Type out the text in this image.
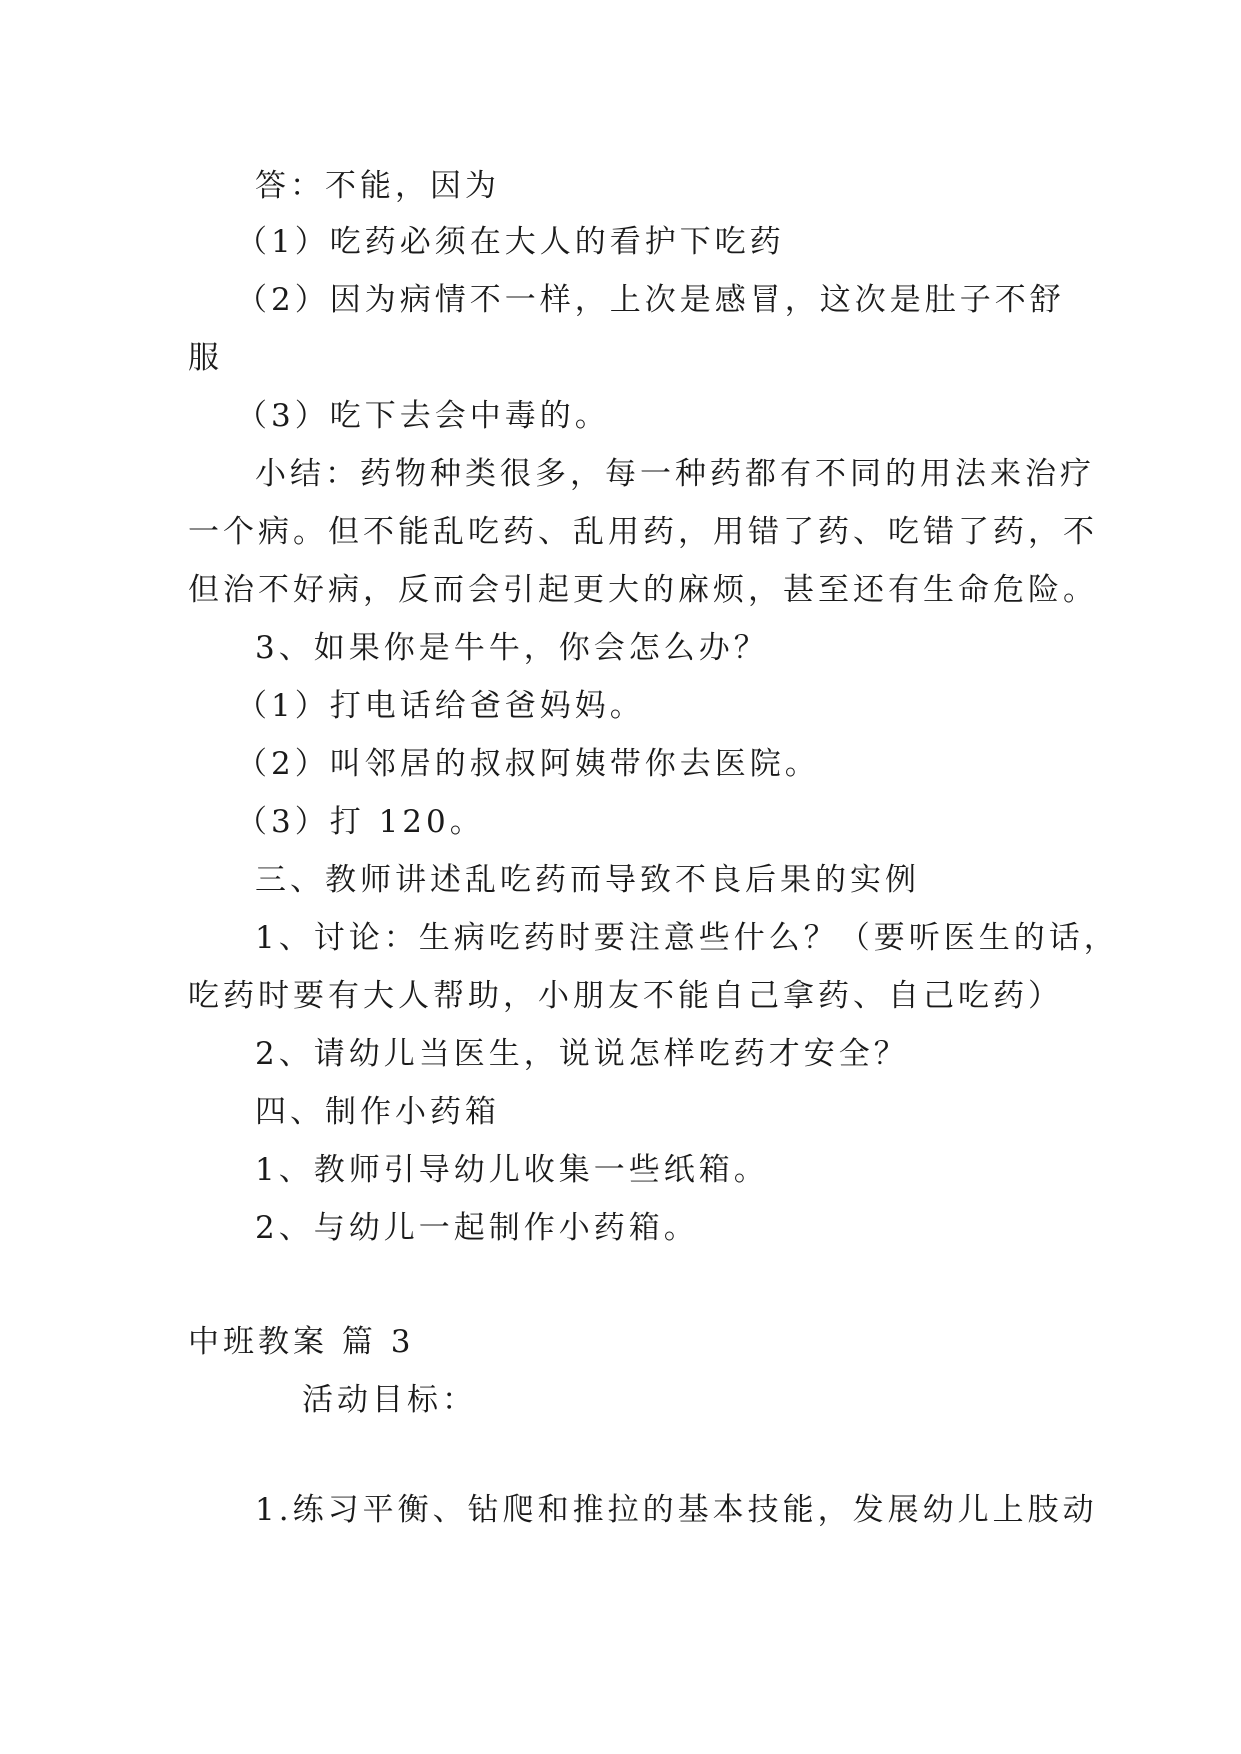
答：不能，因为
（1）吃药必须在大人的看护下吃药
（2）因为病情不一样，上次是感冒，这次是肚子不舒
服
（3）吃下去会中毒的。
小结：药物种类很多，每一种药都有不同的用法来治疗
一个病。但不能乱吃药、乱用药，用错了药、吃错了药，不
但治不好病，反而会引起更大的麻烦，甚至还有生命危险。
3、如果你是牛牛，你会怎么办？
（1）打电话给爸爸妈妈。
（2）叫邻居的叔叔阿姨带你去医院。
（3）打 120。
三、教师讲述乱吃药而导致不良后果的实例
1、讨论：生病吃药时要注意些什么？（要听医生的话，
吃药时要有大人帮助，小朋友不能自己拿药、自己吃药）
2、请幼儿当医生，说说怎样吃药才安全？
四、制作小药箱
1、教师引导幼儿收集一些纸箱。
2、与幼儿一起制作小药箱。
中班教案 篇 3
活动目标：
1.练习平衡、钻爬和推拉的基本技能，发展幼儿上肢动
